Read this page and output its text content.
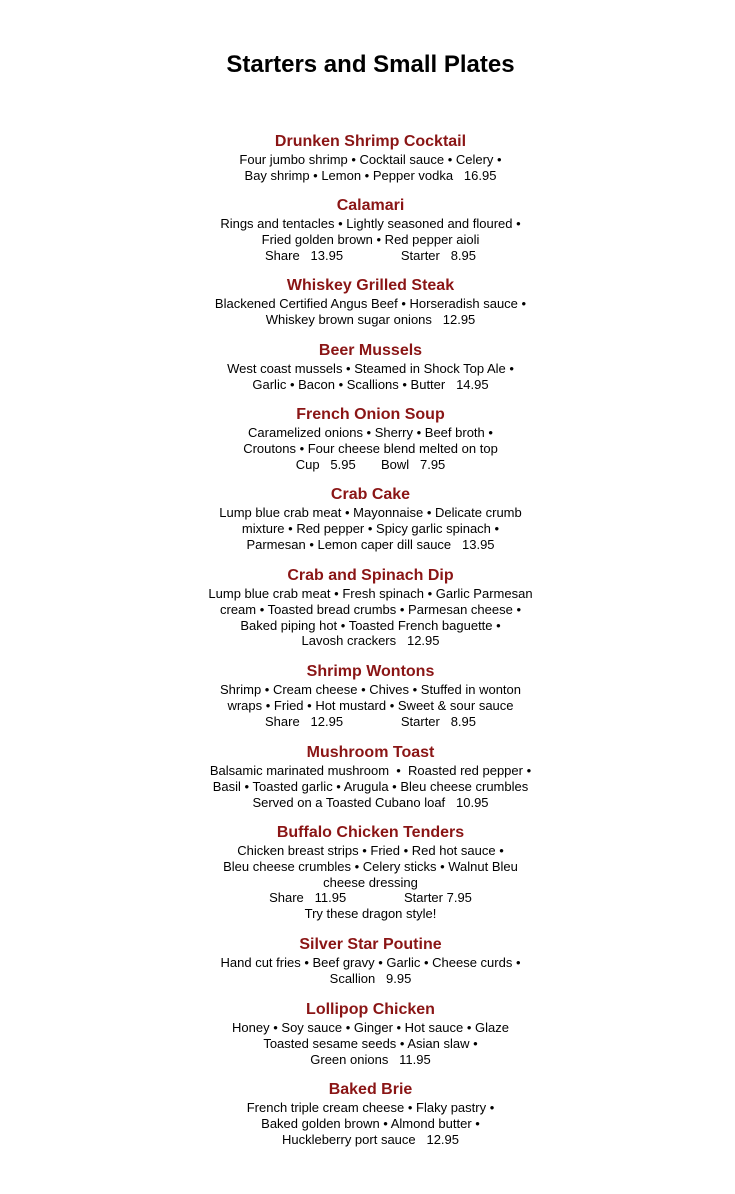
Starters and Small Plates
Drunken Shrimp Cocktail
Four jumbo shrimp • Cocktail sauce • Celery •
Bay shrimp • Lemon • Pepper vodka   16.95
Calamari
Rings and tentacles • Lightly seasoned and floured •
Fried golden brown • Red pepper aioli
Share   13.95                Starter   8.95
Whiskey Grilled Steak
Blackened Certified Angus Beef • Horseradish sauce •
Whiskey brown sugar onions   12.95
Beer Mussels
West coast mussels • Steamed in Shock Top Ale •
Garlic • Bacon • Scallions • Butter   14.95
French Onion Soup
Caramelized onions • Sherry • Beef broth •
Croutons • Four cheese blend melted on top
Cup   5.95       Bowl   7.95
Crab Cake
Lump blue crab meat • Mayonnaise • Delicate crumb
mixture • Red pepper • Spicy garlic spinach •
Parmesan • Lemon caper dill sauce   13.95
Crab and Spinach Dip
Lump blue crab meat • Fresh spinach • Garlic Parmesan
cream • Toasted bread crumbs • Parmesan cheese •
Baked piping hot • Toasted French baguette •
Lavosh crackers   12.95
Shrimp Wontons
Shrimp • Cream cheese • Chives • Stuffed in wonton
wraps • Fried • Hot mustard • Sweet & sour sauce
Share   12.95                Starter   8.95
Mushroom Toast
Balsamic marinated mushroom  •  Roasted red pepper •
Basil • Toasted garlic • Arugula • Bleu cheese crumbles
Served on a Toasted Cubano loaf   10.95
Buffalo Chicken Tenders
Chicken breast strips • Fried • Red hot sauce •
Bleu cheese crumbles • Celery sticks • Walnut Bleu
cheese dressing
Share   11.95                Starter 7.95
Try these dragon style!
Silver Star Poutine
Hand cut fries • Beef gravy • Garlic • Cheese curds •
Scallion   9.95
Lollipop Chicken
Honey • Soy sauce • Ginger • Hot sauce • Glaze
Toasted sesame seeds • Asian slaw •
Green onions   11.95
Baked Brie
French triple cream cheese • Flaky pastry •
Baked golden brown • Almond butter •
Huckleberry port sauce   12.95
